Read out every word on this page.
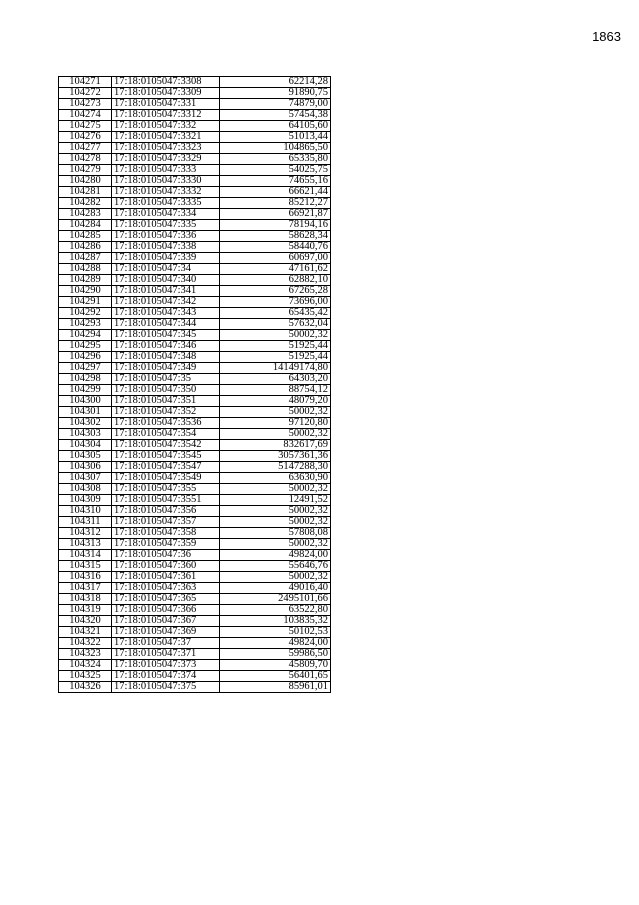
1863
104271	17:18:0105047:3308	62214,28
104272	17:18:0105047:3309	91890,75
104273	17:18:0105047:331	74879,00
104274	17:18:0105047:3312	57454,38
104275	17:18:0105047:332	64105,60
104276	17:18:0105047:3321	51013,44
104277	17:18:0105047:3323	104865,50
104278	17:18:0105047:3329	65335,80
104279	17:18:0105047:333	54025,75
104280	17:18:0105047:3330	74655,16
104281	17:18:0105047:3332	66621,44
104282	17:18:0105047:3335	85212,27
104283	17:18:0105047:334	66921,87
104284	17:18:0105047:335	78194,16
104285	17:18:0105047:336	58628,34
104286	17:18:0105047:338	58440,76
104287	17:18:0105047:339	60697,00
104288	17:18:0105047:34	47161,62
104289	17:18:0105047:340	62882,10
104290	17:18:0105047:341	67265,28
104291	17:18:0105047:342	73696,00
104292	17:18:0105047:343	65435,42
104293	17:18:0105047:344	57632,04
104294	17:18:0105047:345	50002,32
104295	17:18:0105047:346	51925,44
104296	17:18:0105047:348	51925,44
104297	17:18:0105047:349	14149174,80
104298	17:18:0105047:35	64303,20
104299	17:18:0105047:350	88754,12
104300	17:18:0105047:351	48079,20
104301	17:18:0105047:352	50002,32
104302	17:18:0105047:3536	97120,80
104303	17:18:0105047:354	50002,32
104304	17:18:0105047:3542	832617,69
104305	17:18:0105047:3545	3057361,36
104306	17:18:0105047:3547	5147288,30
104307	17:18:0105047:3549	63630,90
104308	17:18:0105047:355	50002,32
104309	17:18:0105047:3551	12491,52
104310	17:18:0105047:356	50002,32
104311	17:18:0105047:357	50002,32
104312	17:18:0105047:358	57808,08
104313	17:18:0105047:359	50002,32
104314	17:18:0105047:36	49824,00
104315	17:18:0105047:360	55646,76
104316	17:18:0105047:361	50002,32
104317	17:18:0105047:363	49016,40
104318	17:18:0105047:365	2495101,66
104319	17:18:0105047:366	63522,80
104320	17:18:0105047:367	103835,32
104321	17:18:0105047:369	50102,53
104322	17:18:0105047:37	49824,00
104323	17:18:0105047:371	59986,50
104324	17:18:0105047:373	45809,70
104325	17:18:0105047:374	56401,65
104326	17:18:0105047:375	85961,01
